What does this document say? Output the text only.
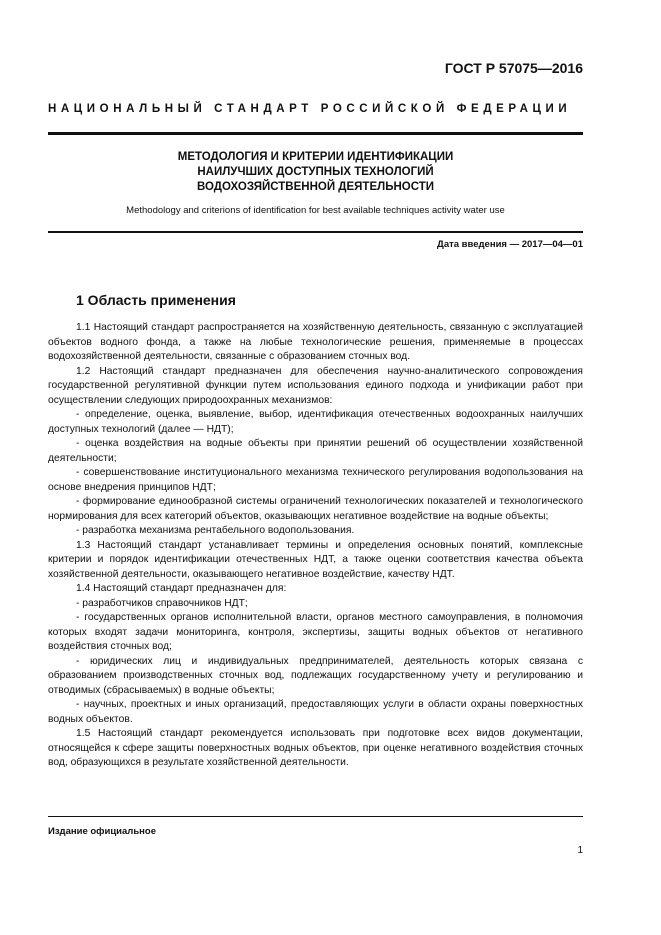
ГОСТ Р 57075—2016
НАЦИОНАЛЬНЫЙ СТАНДАРТ РОССИЙСКОЙ ФЕДЕРАЦИИ
МЕТОДОЛОГИЯ И КРИТЕРИИ ИДЕНТИФИКАЦИИ
НАИЛУЧШИХ ДОСТУПНЫХ ТЕХНОЛОГИЙ
ВОДОХОЗЯЙСТВЕННОЙ ДЕЯТЕЛЬНОСТИ
Methodology and criterions of identification for best available techniques activity water use
Дата введения — 2017—04—01
1 Область применения

1.1 Настоящий стандарт распространяется на хозяйственную деятельность, связанную с эксплуатацией объектов водного фонда, а также на любые технологические решения, применяемые в процессах водохозяйственной деятельности, связанные с образованием сточных вод.

1.2 Настоящий стандарт предназначен для обеспечения научно-аналитического сопровождения государственной регулятивной функции путем использования единого подхода и унификации работ при осуществлении следующих природоохранных механизмов:

- определение, оценка, выявление, выбор, идентификация отечественных водоохранных наилучших доступных технологий (далее — НДТ);

- оценка воздействия на водные объекты при принятии решений об осуществлении хозяйственной деятельности;

- совершенствование институционального механизма технического регулирования водопользования на основе внедрения принципов НДТ;

- формирование единообразной системы ограничений технологических показателей и технологического нормирования для всех категорий объектов, оказывающих негативное воздействие на водные объекты;

- разработка механизма рентабельного водопользования.

1.3 Настоящий стандарт устанавливает термины и определения основных понятий, комплексные критерии и порядок идентификации отечественных НДТ, а также оценки соответствия качества объекта хозяйственной деятельности, оказывающего негативное воздействие, качеству НДТ.

1.4 Настоящий стандарт предназначен для:

- разработчиков справочников НДТ;

- государственных органов исполнительной власти, органов местного самоуправления, в полномочия которых входят задачи мониторинга, контроля, экспертизы, защиты водных объектов от негативного воздействия сточных вод;

- юридических лиц и индивидуальных предпринимателей, деятельность которых связана с образованием производственных сточных вод, подлежащих государственному учету и регулированию и отводимых (сбрасываемых) в водные объекты;

- научных, проектных и иных организаций, предоставляющих услуги в области охраны поверхностных водных объектов.

1.5 Настоящий стандарт рекомендуется использовать при подготовке всех видов документации, относящейся к сфере защиты поверхностных водных объектов, при оценке негативного воздействия сточных вод, образующихся в результате хозяйственной деятельности.

Издание официальное
1
